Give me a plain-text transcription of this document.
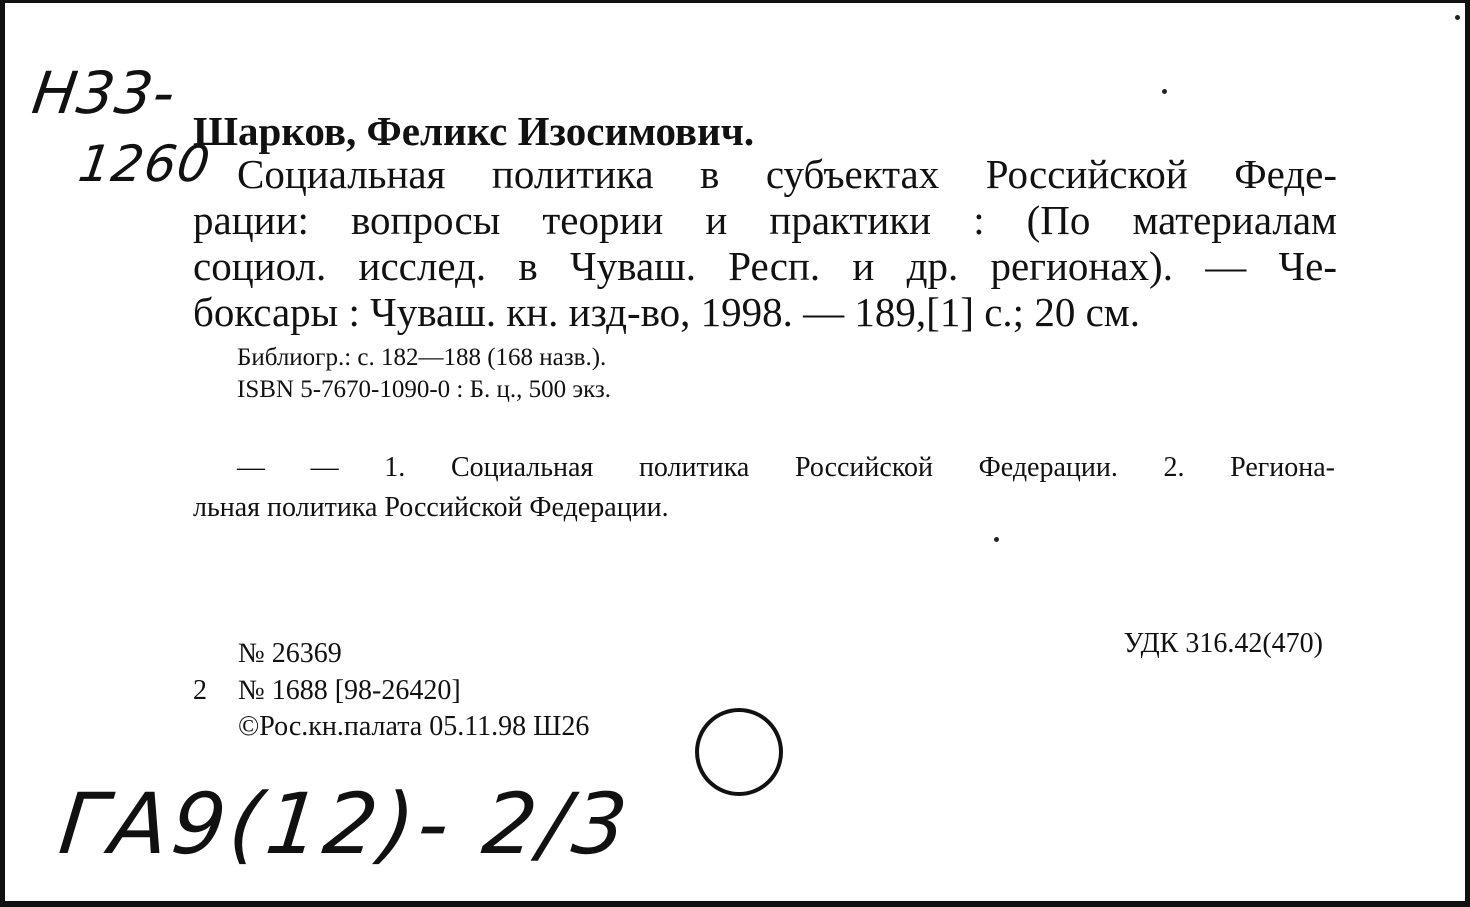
Н33-
1260
Шарков, Феликс Изосимович.
Социальная политика в субъектах Российской Феде-
рации: вопросы теории и практики : (По материалам
социол. исслед. в Чуваш. Респ. и др. регионах). — Че-
боксары : Чуваш. кн. изд-во, 1998. — 189,[1] с.; 20 см.
Библиогр.: с. 182—188 (168 назв.).
ISBN 5-7670-1090-0 : Б. ц., 500 экз.
— — 1. Социальная политика Российской Федерации. 2. Региона-
льная политика Российской Федерации.
№ 26369
2 № 1688 [98-26420]
©Рос.кн.палата 05.11.98 Ш26
УДК 316.42(470)
ГА9(12)- 2/3
